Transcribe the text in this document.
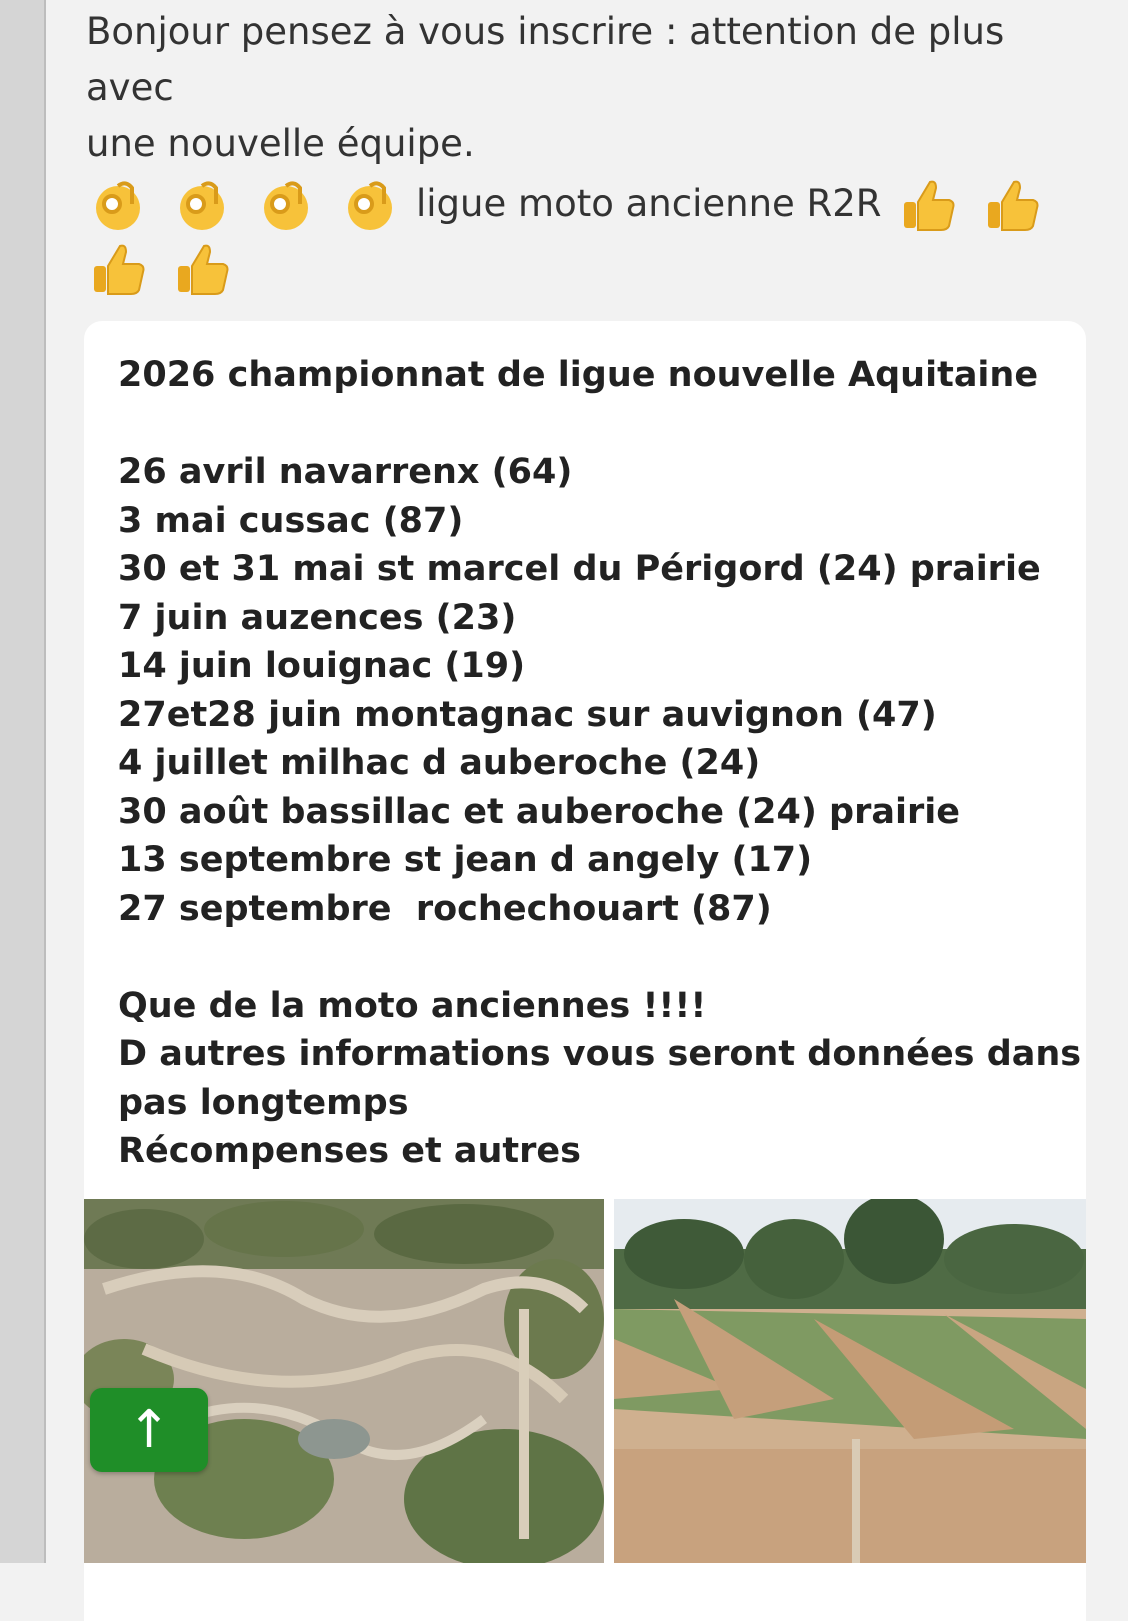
Bonjour pensez à vous inscrire : attention de plus avec
une nouvelle équipe.
ligue moto ancienne R2R
2026 championnat de ligue nouvelle Aquitaine
26 avril navarrenx (64)
3 mai cussac (87)
30 et 31 mai st marcel du Périgord (24) prairie
7 juin auzences (23)
14 juin louignac (19)
27et28 juin montagnac sur auvignon (47)
4 juillet milhac d auberoche (24)
30 août bassillac et auberoche (24) prairie
13 septembre st jean d angely (17)
27 septembre  rochechouart (87)
Que de la moto anciennes !!!!
D autres informations vous seront données dans
pas longtemps
Récompenses et autres
↑
